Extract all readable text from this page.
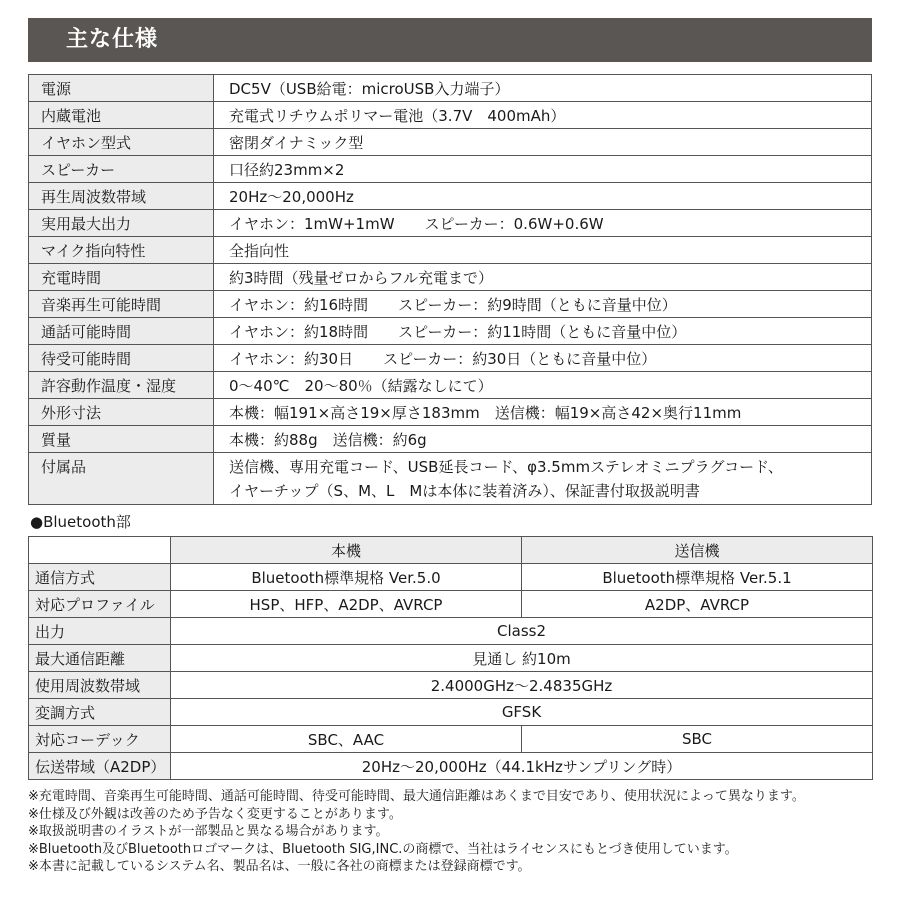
主な仕様
電源	DC5V（USB給電：microUSB入力端子）
内蔵電池	充電式リチウムポリマー電池（3.7V　400mAh）
イヤホン型式	密閉ダイナミック型
スピーカー	口径約23mm×2
再生周波数帯域	20Hz〜20,000Hz
実用最大出力	イヤホン：1mW+1mW　　スピーカー：0.6W+0.6W
マイク指向特性	全指向性
充電時間	約3時間（残量ゼロからフル充電まで）
音楽再生可能時間	イヤホン：約16時間　　スピーカー：約9時間（ともに音量中位）
通話可能時間	イヤホン：約18時間　　スピーカー：約11時間（ともに音量中位）
待受可能時間	イヤホン：約30日　　スピーカー：約30日（ともに音量中位）
許容動作温度・湿度	0〜40℃　20〜80％（結露なしにて）
外形寸法	本機：幅191×高さ19×厚さ183mm　送信機：幅19×高さ42×奥行11mm
質量	本機：約88g　送信機：約6g
付属品	送信機、専用充電コード、USB延長コード、φ3.5mmステレオミニプラグコード、
イヤーチップ（S、M、L　Mは本体に装着済み）、保証書付取扱説明書
●Bluetooth部
	本機	送信機
通信方式	Bluetooth標準規格 Ver.5.0	Bluetooth標準規格 Ver.5.1
対応プロファイル	HSP、HFP、A2DP、AVRCP	A2DP、AVRCP
出力	Class2	
最大通信距離	見通し 約10m	
使用周波数帯域	2.4000GHz〜2.4835GHz	
変調方式	GFSK	
対応コーデック	SBC、AAC	SBC
伝送帯域（A2DP）	20Hz〜20,000Hz（44.1kHzサンプリング時）	
※充電時間、音楽再生可能時間、通話可能時間、待受可能時間、最大通信距離はあくまで目安であり、使用状況によって異なります。
※仕様及び外観は改善のため予告なく変更することがあります。
※取扱説明書のイラストが一部製品と異なる場合があります。
※Bluetooth及びBluetoothロゴマークは、Bluetooth SIG,INC.の商標で、当社はライセンスにもとづき使用しています。
※本書に記載しているシステム名、製品名は、一般に各社の商標または登録商標です。
